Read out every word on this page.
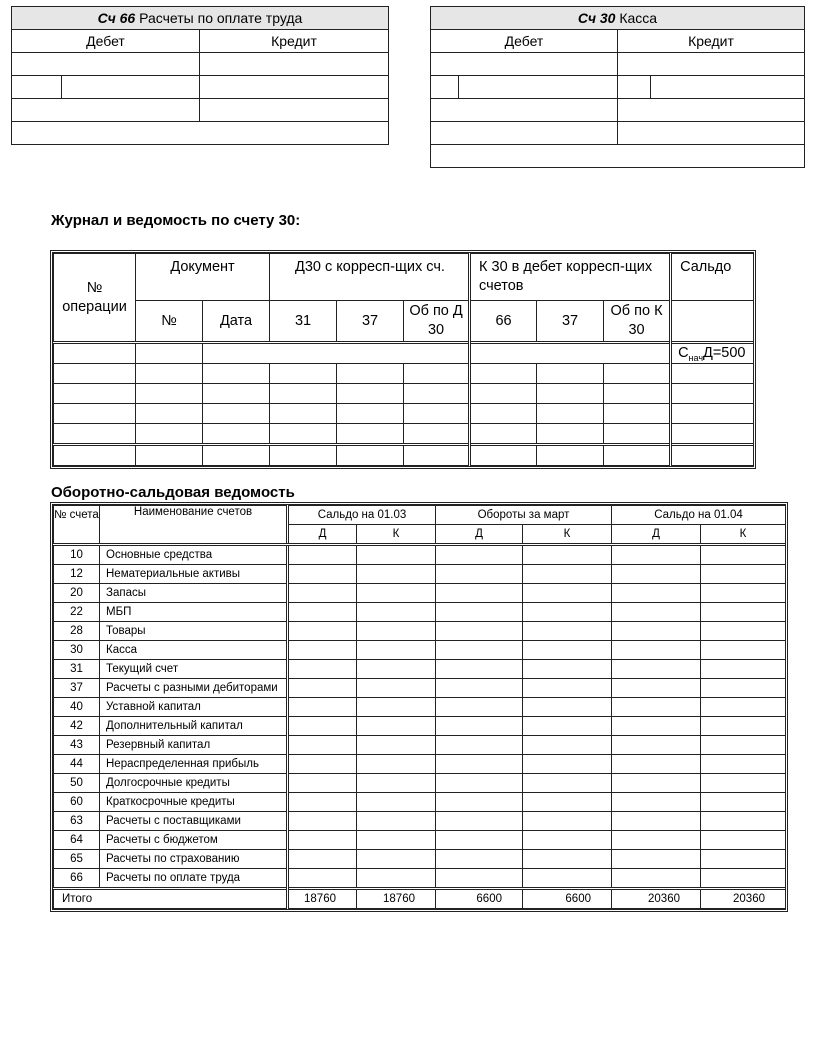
Сч 66 Расчеты по оплате труда		
Дебет		Кредит

Сч 30 Касса			
Дебет		Кредит	

Журнал и ведомость по счету 30:
№ операции	Документ		Д30 с корресп-щих сч.			К 30 в дебет корресп-щих счетов			Сальдо
	№	Дата	31	37	Об по Д 30	66	37	Об по К 30	
									$С_{нач}Д=500$

Оборотно-сальдовая ведомость
№ счета	Наименование счетов	Сальдо на 01.03		Обороты за март		Сальдо на 01.04	
		Д	К	Д	К	Д	К
10	Основные средства						
12	Нематериальные активы						
20	Запасы						
22	МБП						
28	Товары						
30	Касса						
31	Текущий счет						
37	Расчеты с разными дебиторами						
40	Уставной капитал						
42	Дополнительный капитал						
43	Резервный капитал						
44	Нераспределенная прибыль						
50	Долгосрочные кредиты						
60	Краткосрочные кредиты						
63	Расчеты с поставщиками						
64	Расчеты с бюджетом						
65	Расчеты по страхованию						
66	Расчеты по оплате труда						
Итого		18760	18760	6600	6600	20360	20360
